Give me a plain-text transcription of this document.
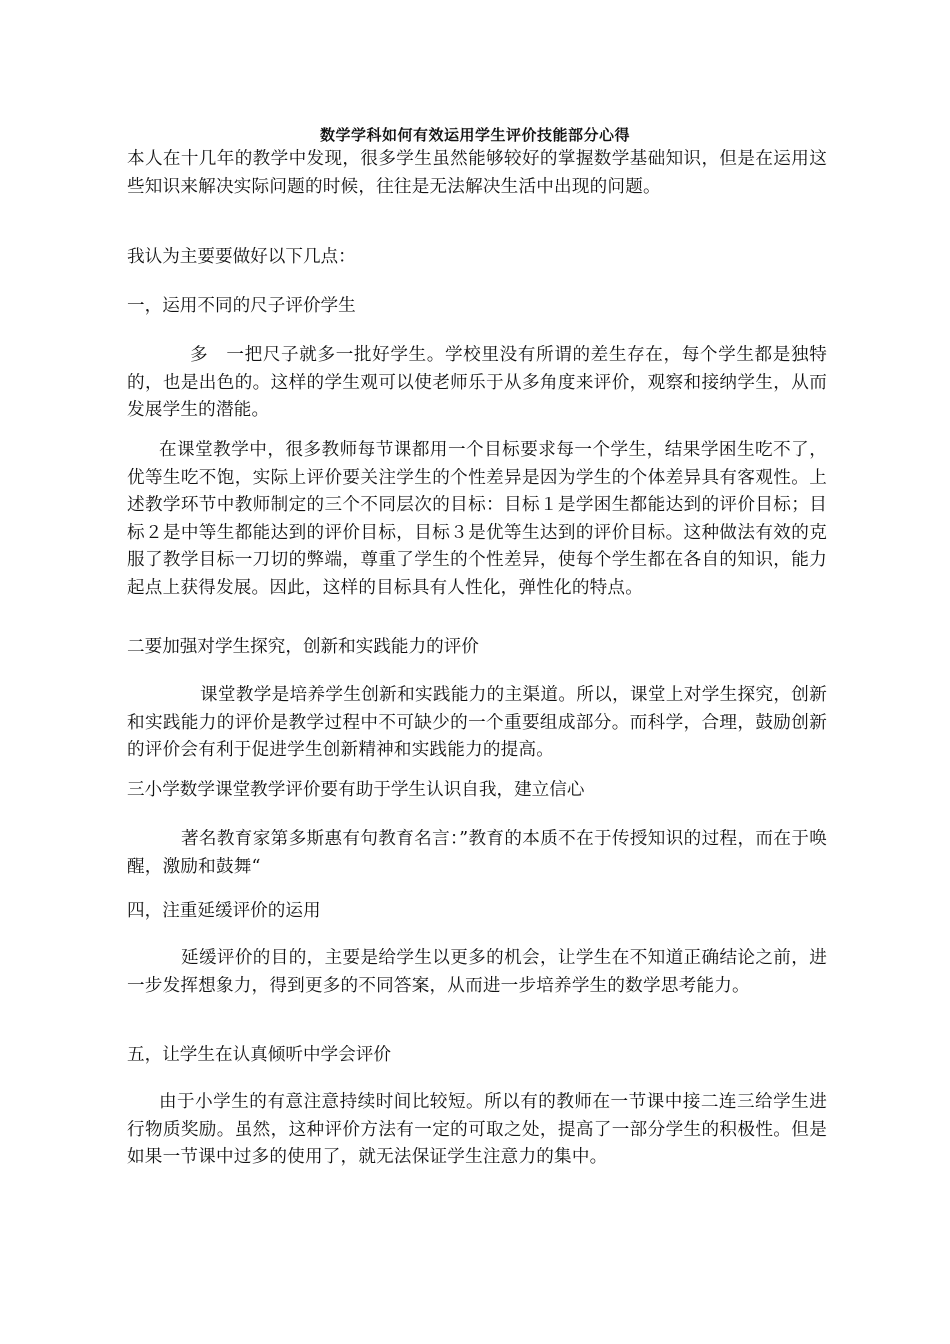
数学学科如何有效运用学生评价技能部分心得

本人在十几年的教学中发现，很多学生虽然能够较好的掌握数学基础知识，但是在运用这些知识来解决实际问题的时候，往往是无法解决生活中出现的问题。

我认为主要要做好以下几点：

一，运用不同的尺子评价学生

多　一把尺子就多一批好学生。学校里没有所谓的差生存在，每个学生都是独特的，也是出色的。这样的学生观可以使老师乐于从多角度来评价，观察和接纳学生，从而发展学生的潜能。

在课堂教学中，很多教师每节课都用一个目标要求每一个学生，结果学困生吃不了，优等生吃不饱，实际上评价要关注学生的个性差异是因为学生的个体差异具有客观性。上述教学环节中教师制定的三个不同层次的目标：目标１是学困生都能达到的评价目标；目标２是中等生都能达到的评价目标，目标３是优等生达到的评价目标。这种做法有效的克服了教学目标一刀切的弊端，尊重了学生的个性差异，使每个学生都在各自的知识，能力起点上获得发展。因此，这样的目标具有人性化，弹性化的特点。

二要加强对学生探究，创新和实践能力的评价

课堂教学是培养学生创新和实践能力的主渠道。所以，课堂上对学生探究，创新和实践能力的评价是教学过程中不可缺少的一个重要组成部分。而科学，合理，鼓励创新的评价会有利于促进学生创新精神和实践能力的提高。

三小学数学课堂教学评价要有助于学生认识自我，建立信心

著名教育家第多斯惠有句教育名言：”教育的本质不在于传授知识的过程，而在于唤醒，激励和鼓舞“

四，注重延缓评价的运用

延缓评价的目的，主要是给学生以更多的机会，让学生在不知道正确结论之前，进一步发挥想象力，得到更多的不同答案，从而进一步培养学生的数学思考能力。

五，让学生在认真倾听中学会评价

由于小学生的有意注意持续时间比较短。所以有的教师在一节课中接二连三给学生进行物质奖励。虽然，这种评价方法有一定的可取之处，提高了一部分学生的积极性。但是如果一节课中过多的使用了，就无法保证学生注意力的集中。
